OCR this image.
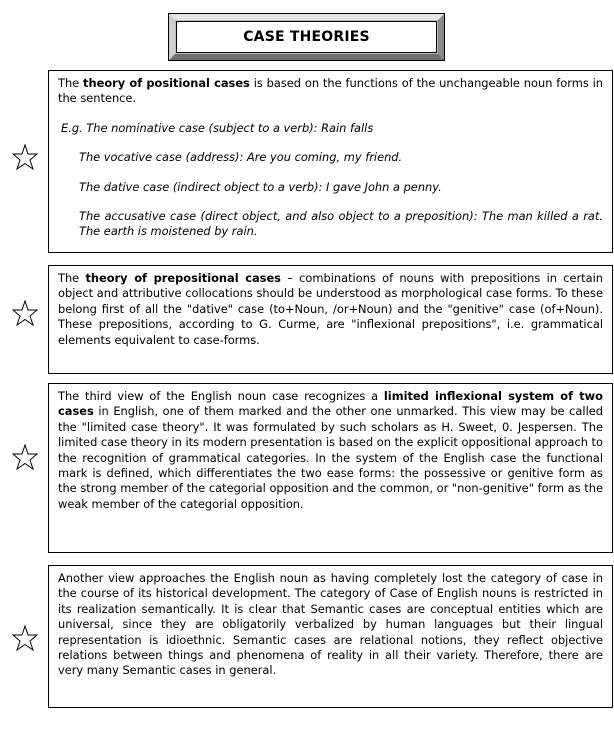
CASE THEORIES

The theory of positional cases is based on the functions of the unchangeable noun forms in the sentence.

E.g. The nominative case (subject to a verb): Rain falls

The vocative case (address): Are you coming, my friend.

The dative case (indirect object to a verb): I gave John a penny.

The accusative case (direct object, and also object to a preposition): The man killed a rat. The earth is moistened by rain.

The theory of prepositional cases – combinations of nouns with prepositions in certain object and attributive collocations should be understood as morphological case forms. To these belong first of all the "dative" case (to+Noun, /or+Noun) and the "genitive" case (of+Noun). These prepositions, according to G. Curme, are "inflexional prepositions", i.e. grammatical elements equivalent to case-forms.

The third view of the English noun case recognizes a limited inflexional system of two cases in English, one of them marked and the other one unmarked. This view may be called the "limited case theory". It was formulated by such scholars as H. Sweet, 0. Jespersen. The limited case theory in its modern presentation is based on the explicit oppositional approach to the recognition of grammatical categories. In the system of the English case the functional mark is defined, which differentiates the two ease forms: the possessive or genitive form as the strong member of the categorial opposition and the common, or "non-genitive" form as the weak member of the categorial opposition.

Another view approaches the English noun as having completely lost the category of case in the course of its historical development. The category of Case of English nouns is restricted in its realization semantically. It is clear that Semantic cases are conceptual entities which are universal, since they are obligatorily verbalized by human languages but their lingual representation is idioethnic. Semantic cases are relational notions, they reflect objective relations between things and phenomena of reality in all their variety. Therefore, there are very many Semantic cases in general.
